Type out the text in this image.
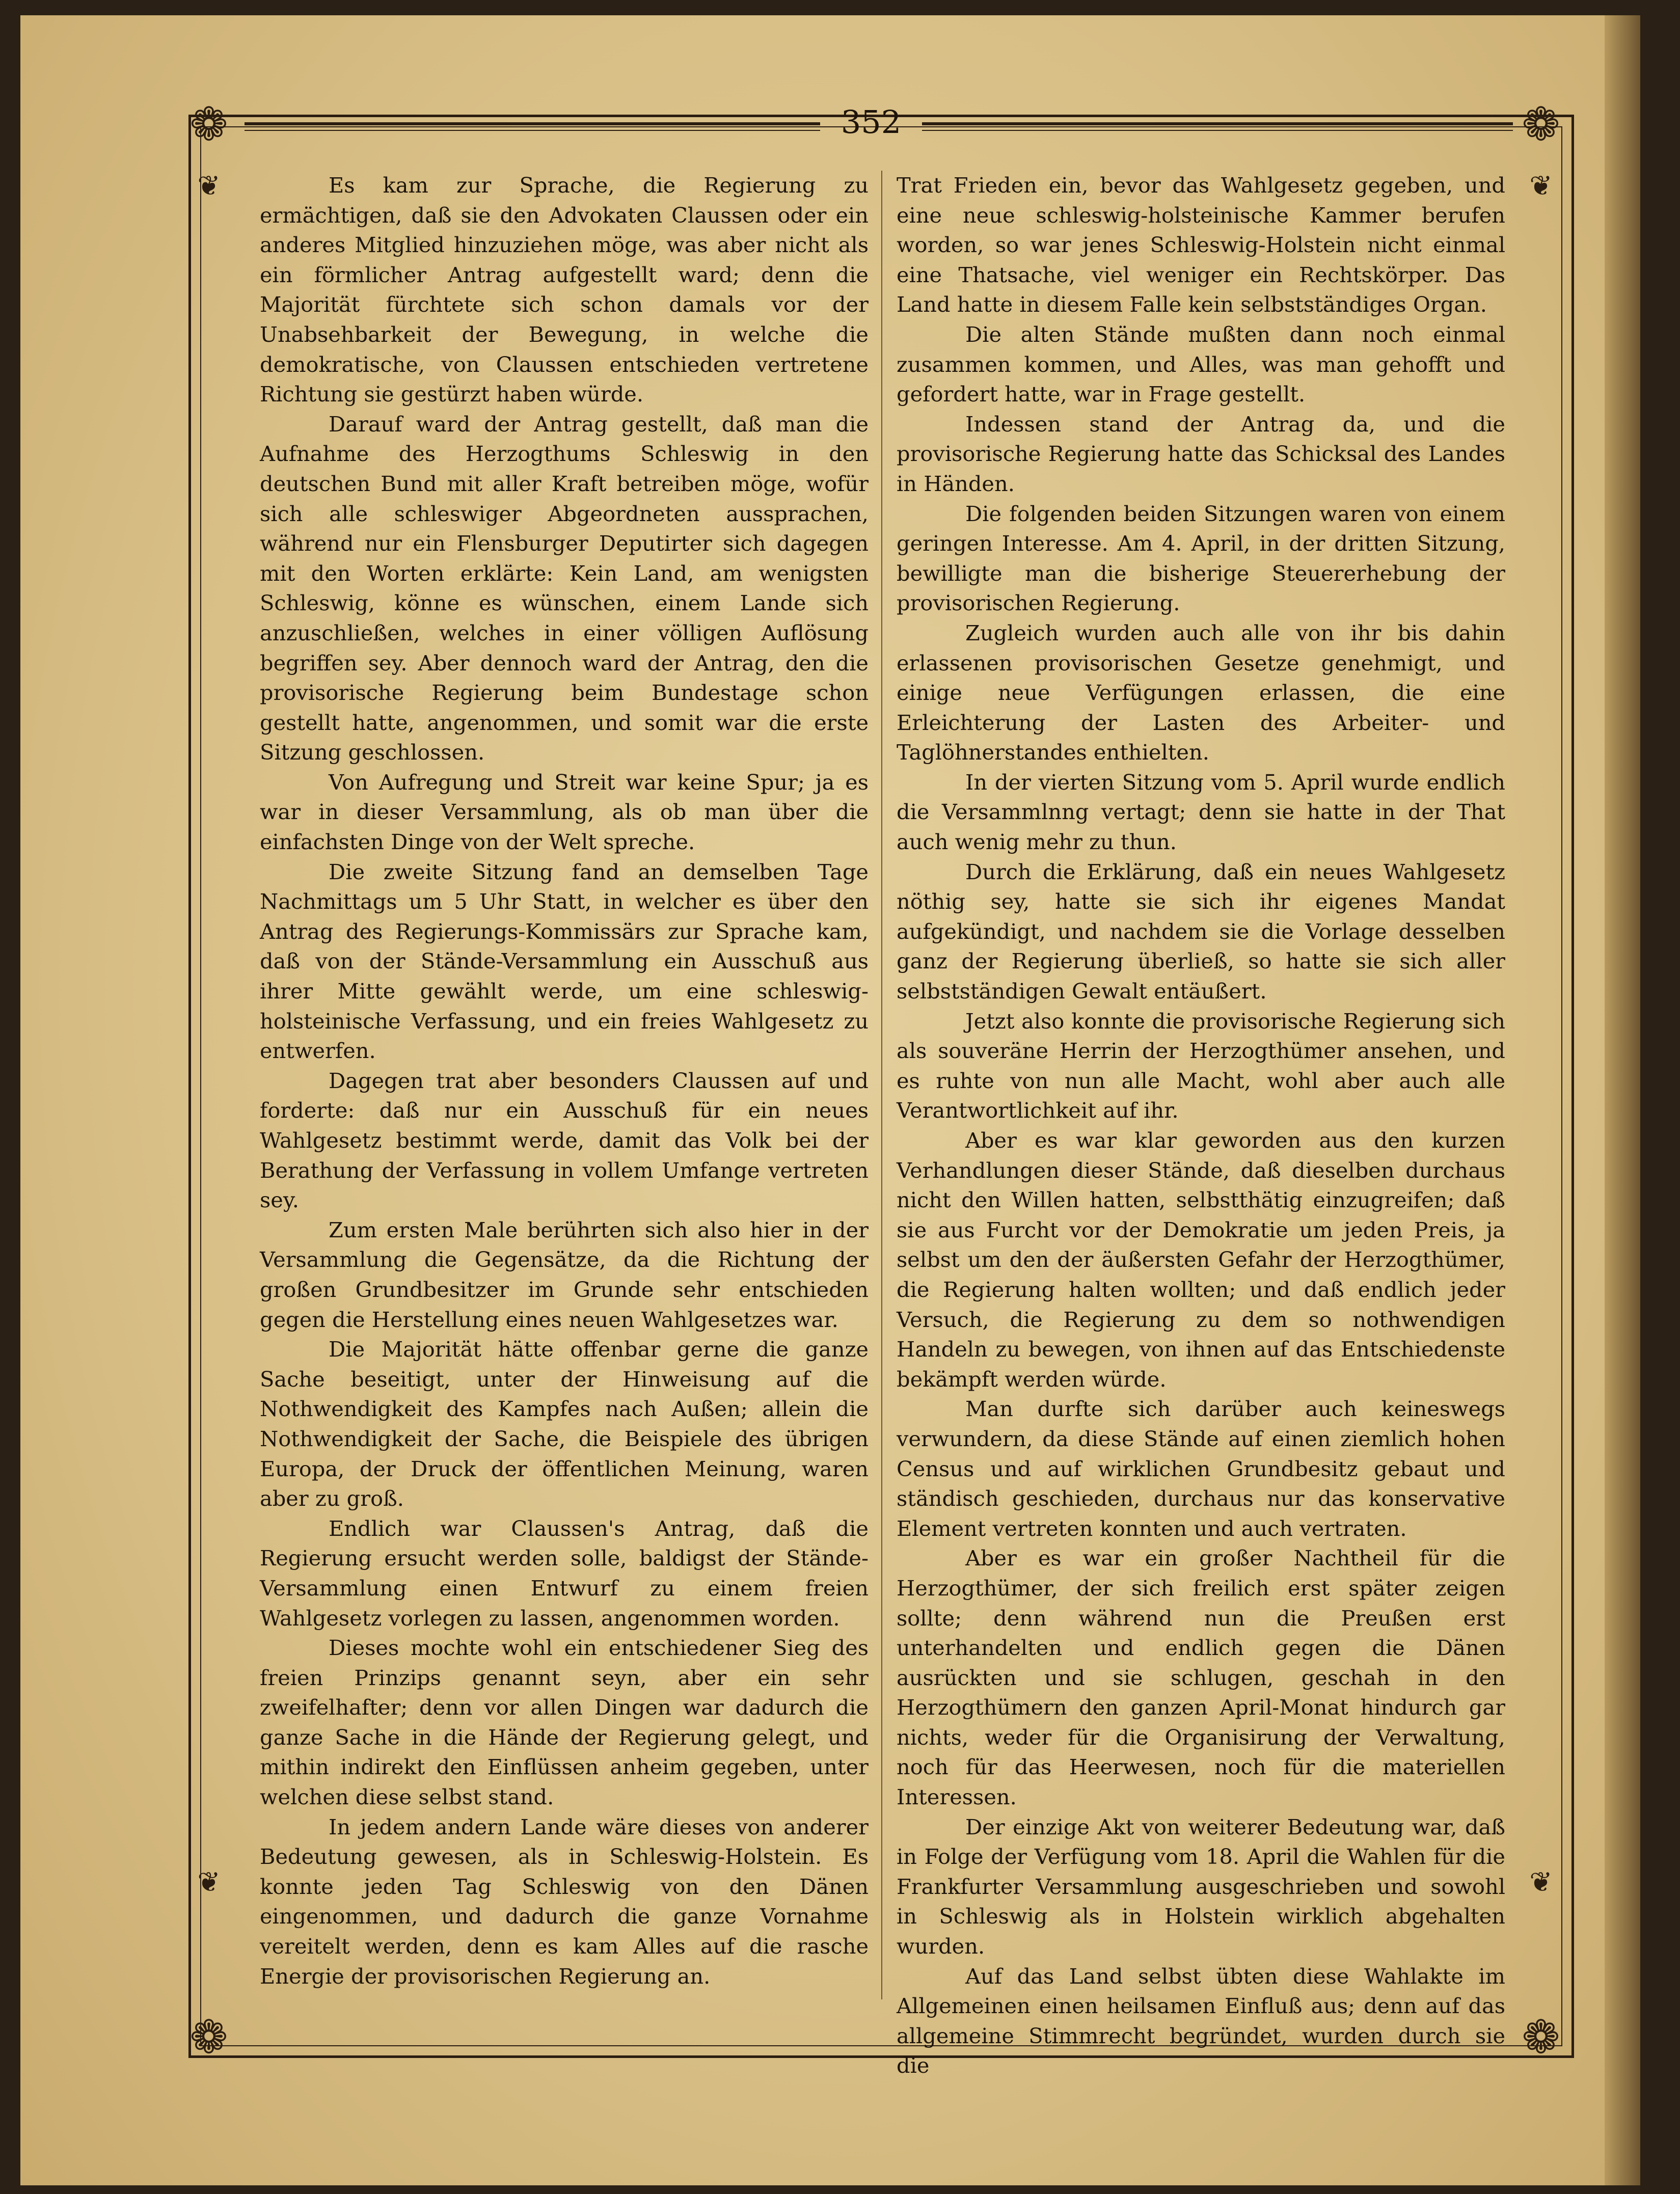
352
❁	❁
❁	❁
❦	❦
❦	❦

Es kam zur Sprache, die Regierung zu ermächtigen, daß sie den Advokaten Claussen oder ein anderes Mitglied hinzuziehen möge, was aber nicht als ein förmlicher Antrag aufgestellt ward; denn die Majorität fürchtete sich schon damals vor der Unabsehbarkeit der Bewegung, in welche die demokratische, von Claussen entschieden vertretene Richtung sie gestürzt haben würde.

Darauf ward der Antrag gestellt, daß man die Aufnahme des Herzogthums Schleswig in den deutschen Bund mit aller Kraft betreiben möge, wofür sich alle schleswiger Abgeordneten aussprachen, während nur ein Flensburger Deputirter sich dagegen mit den Worten erklärte: Kein Land, am wenigsten Schleswig, könne es wünschen, einem Lande sich anzuschließen, welches in einer völligen Auflösung begriffen sey. Aber dennoch ward der Antrag, den die provisorische Regierung beim Bundestage schon gestellt hatte, angenommen, und somit war die erste Sitzung geschlossen.

Von Aufregung und Streit war keine Spur; ja es war in dieser Versammlung, als ob man über die einfachsten Dinge von der Welt spreche.

Die zweite Sitzung fand an demselben Tage Nachmittags um 5 Uhr Statt, in welcher es über den Antrag des Regierungs-Kommissärs zur Sprache kam, daß von der Stände-Versammlung ein Ausschuß aus ihrer Mitte gewählt werde, um eine schleswig-holsteinische Verfassung, und ein freies Wahlgesetz zu entwerfen.

Dagegen trat aber besonders Claussen auf und forderte: daß nur ein Ausschuß für ein neues Wahlgesetz bestimmt werde, damit das Volk bei der Berathung der Verfassung in vollem Umfange vertreten sey.

Zum ersten Male berührten sich also hier in der Versammlung die Gegensätze, da die Richtung der großen Grundbesitzer im Grunde sehr entschieden gegen die Herstellung eines neuen Wahlgesetzes war.

Die Majorität hätte offenbar gerne die ganze Sache beseitigt, unter der Hinweisung auf die Nothwendigkeit des Kampfes nach Außen; allein die Nothwendigkeit der Sache, die Beispiele des übrigen Europa, der Druck der öffentlichen Meinung, waren aber zu groß.

Endlich war Claussen's Antrag, daß die Regierung ersucht werden solle, baldigst der Stände-Versammlung einen Entwurf zu einem freien Wahlgesetz vorlegen zu lassen, angenommen worden.

Dieses mochte wohl ein entschiedener Sieg des freien Prinzips genannt seyn, aber ein sehr zweifelhafter; denn vor allen Dingen war dadurch die ganze Sache in die Hände der Regierung gelegt, und mithin indirekt den Einflüssen anheim gegeben, unter welchen diese selbst stand.

In jedem andern Lande wäre dieses von anderer Bedeutung gewesen, als in Schleswig-Holstein. Es konnte jeden Tag Schleswig von den Dänen eingenommen, und dadurch die ganze Vornahme vereitelt werden, denn es kam Alles auf die rasche Energie der provisorischen Regierung an.

Trat Frieden ein, bevor das Wahlgesetz gegeben, und eine neue schleswig-holsteinische Kammer berufen worden, so war jenes Schleswig-Holstein nicht einmal eine Thatsache, viel weniger ein Rechtskörper. Das Land hatte in diesem Falle kein selbstständiges Organ.

Die alten Stände mußten dann noch einmal zusammen kommen, und Alles, was man gehofft und gefordert hatte, war in Frage gestellt.

Indessen stand der Antrag da, und die provisorische Regierung hatte das Schicksal des Landes in Händen.

Die folgenden beiden Sitzungen waren von einem geringen Interesse. Am 4. April, in der dritten Sitzung, bewilligte man die bisherige Steuererhebung der provisorischen Regierung.

Zugleich wurden auch alle von ihr bis dahin erlassenen provisorischen Gesetze genehmigt, und einige neue Verfügungen erlassen, die eine Erleichterung der Lasten des Arbeiter- und Taglöhnerstandes enthielten.

In der vierten Sitzung vom 5. April wurde endlich die Versammlnng vertagt; denn sie hatte in der That auch wenig mehr zu thun.

Durch die Erklärung, daß ein neues Wahlgesetz nöthig sey, hatte sie sich ihr eigenes Mandat aufgekündigt, und nachdem sie die Vorlage desselben ganz der Regierung überließ, so hatte sie sich aller selbstständigen Gewalt entäußert.

Jetzt also konnte die provisorische Regierung sich als souveräne Herrin der Herzogthümer ansehen, und es ruhte von nun alle Macht, wohl aber auch alle Verantwortlichkeit auf ihr.

Aber es war klar geworden aus den kurzen Verhandlungen dieser Stände, daß dieselben durchaus nicht den Willen hatten, selbstthätig einzugreifen; daß sie aus Furcht vor der Demokratie um jeden Preis, ja selbst um den der äußersten Gefahr der Herzogthümer, die Regierung halten wollten; und daß endlich jeder Versuch, die Regierung zu dem so nothwendigen Handeln zu bewegen, von ihnen auf das Entschiedenste bekämpft werden würde.

Man durfte sich darüber auch keineswegs verwundern, da diese Stände auf einen ziemlich hohen Census und auf wirklichen Grundbesitz gebaut und ständisch geschieden, durchaus nur das konservative Element vertreten konnten und auch vertraten.

Aber es war ein großer Nachtheil für die Herzogthümer, der sich freilich erst später zeigen sollte; denn während nun die Preußen erst unterhandelten und endlich gegen die Dänen ausrückten und sie schlugen, geschah in den Herzogthümern den ganzen April-Monat hindurch gar nichts, weder für die Organisirung der Verwaltung, noch für das Heerwesen, noch für die materiellen Interessen.

Der einzige Akt von weiterer Bedeutung war, daß in Folge der Verfügung vom 18. April die Wahlen für die Frankfurter Versammlung ausgeschrieben und sowohl in Schleswig als in Holstein wirklich abgehalten wurden.

Auf das Land selbst übten diese Wahlakte im Allgemeinen einen heilsamen Einfluß aus; denn auf das allgemeine Stimmrecht begründet, wurden durch sie die
